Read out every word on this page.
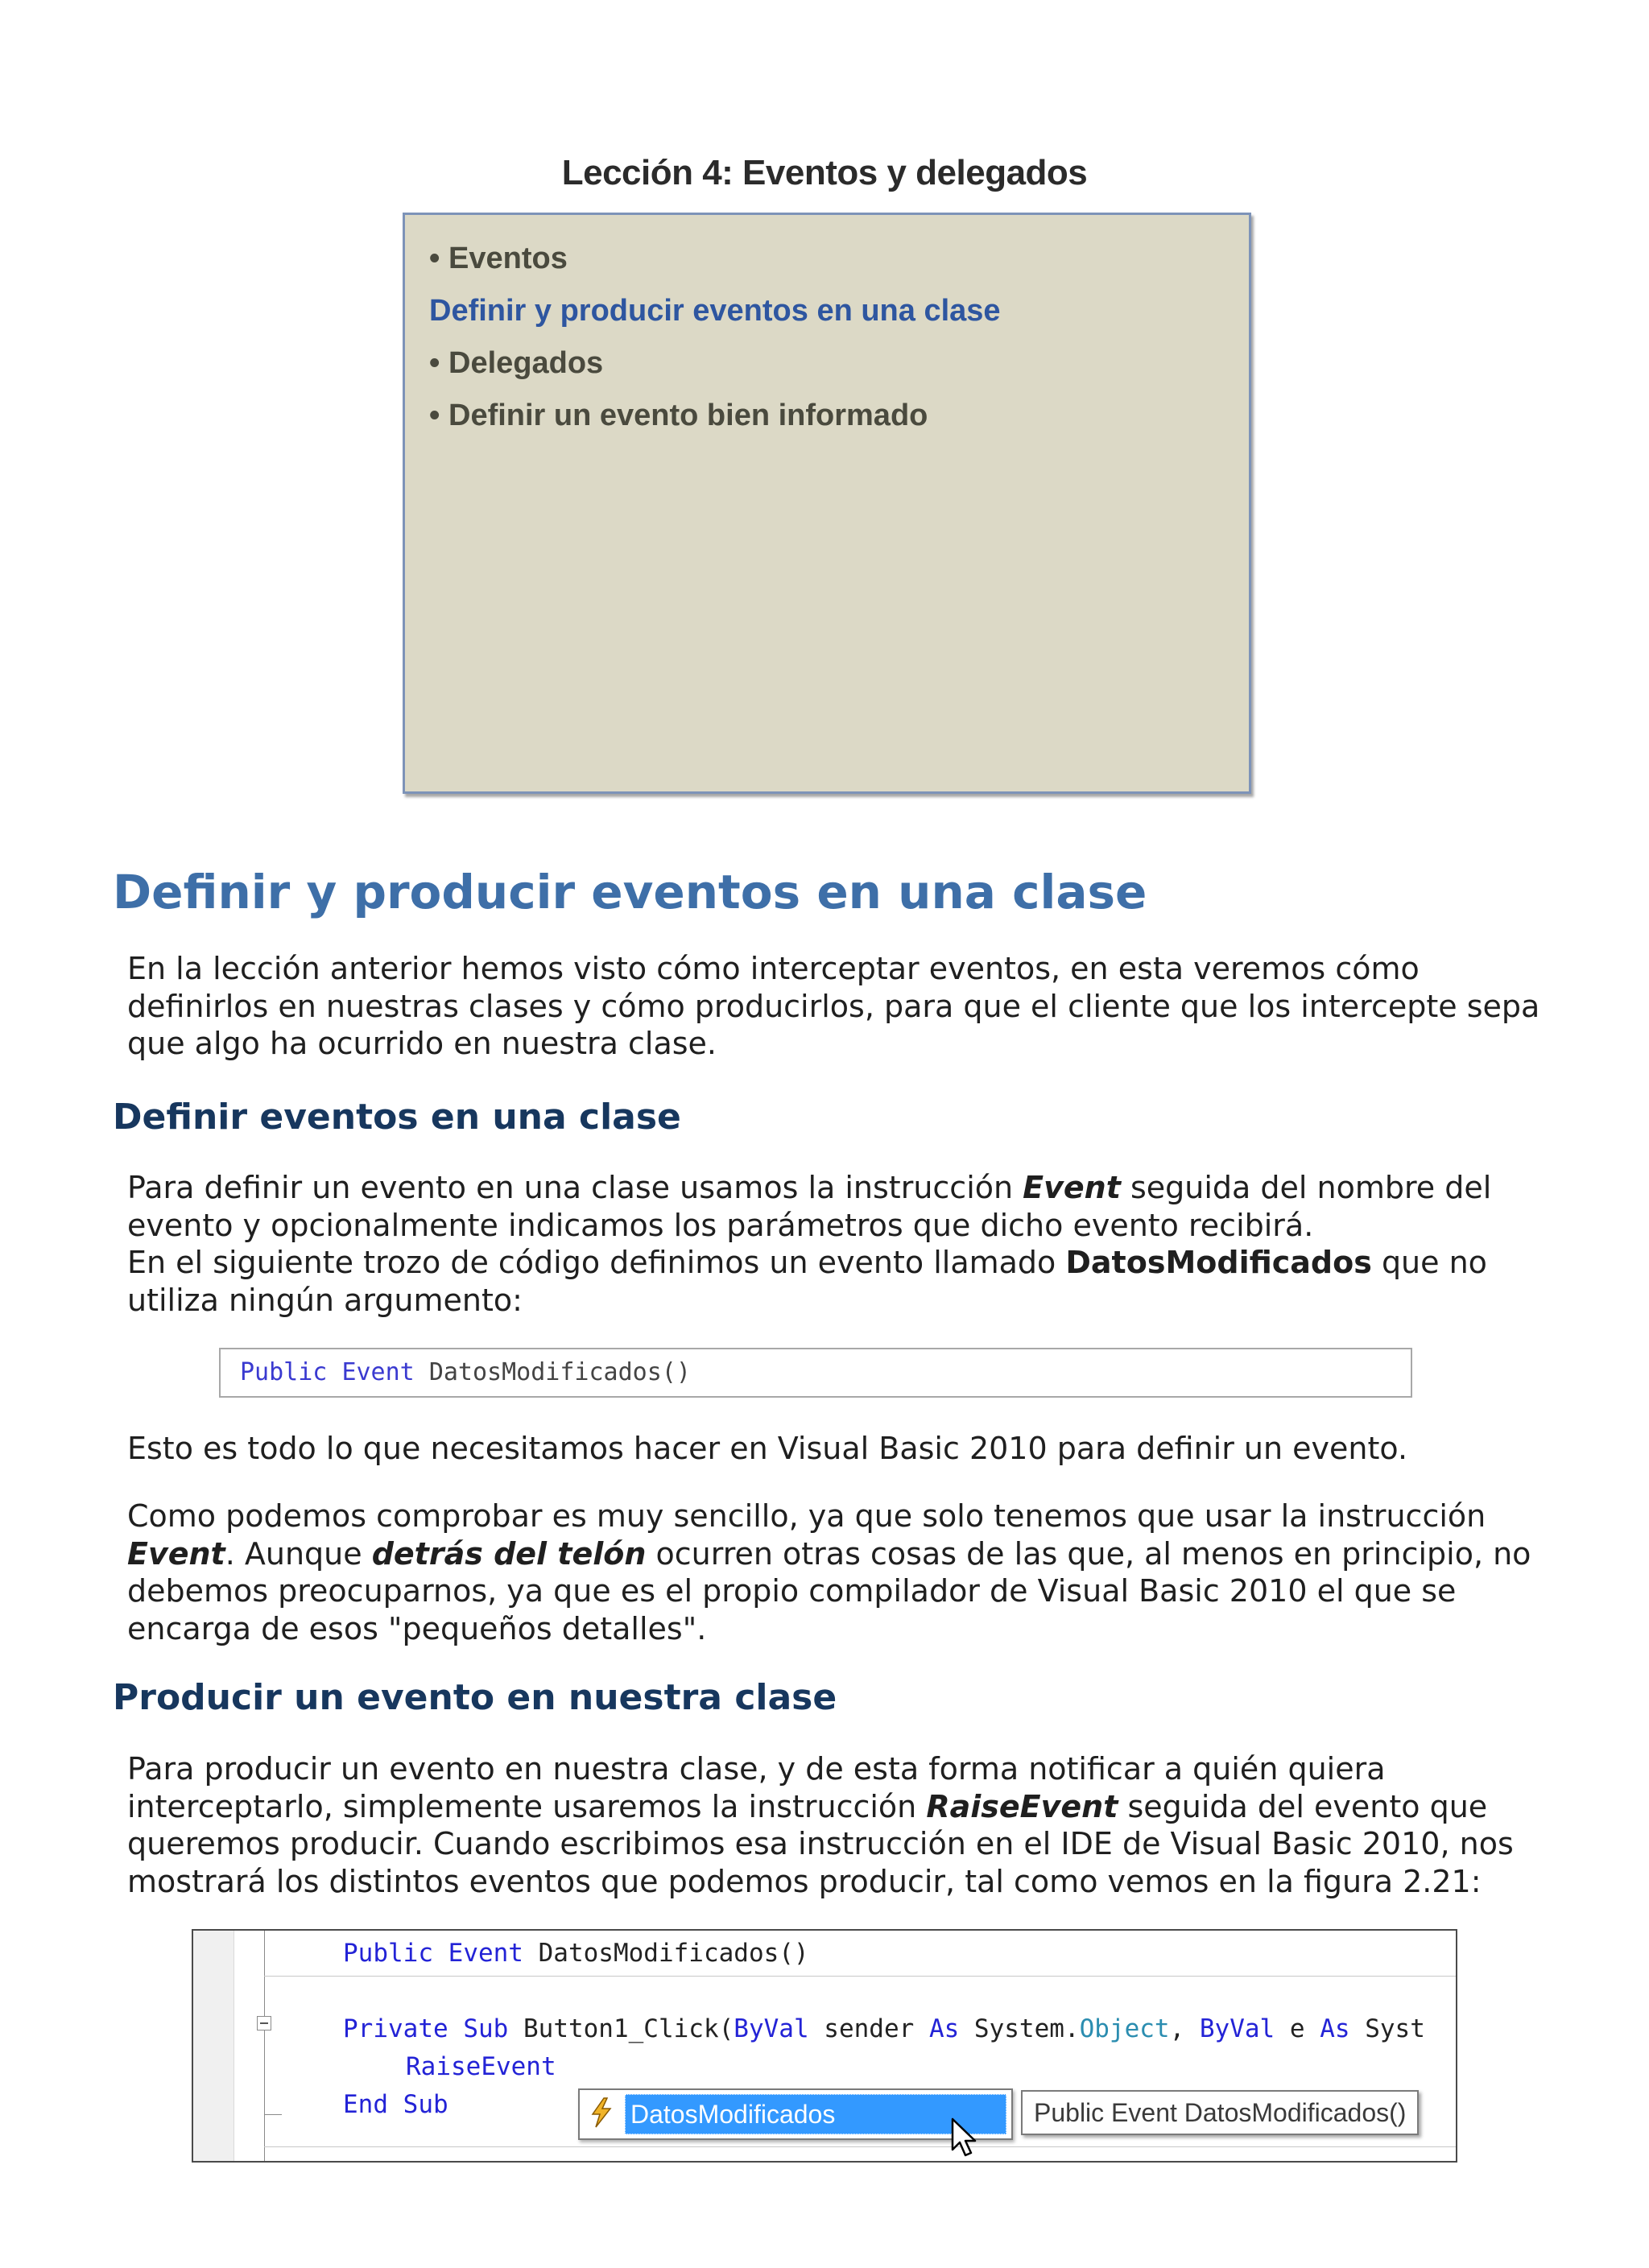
Lección 4: Eventos y delegados
• Eventos
Definir y producir eventos en una clase
• Delegados
• Definir un evento bien informado
Definir y producir eventos en una clase

En la lección anterior hemos visto cómo interceptar eventos, en esta veremos cómo
definirlos en nuestras clases y cómo producirlos, para que el cliente que los intercepte sepa
que algo ha ocurrido en nuestra clase.

Definir eventos en una clase

Para definir un evento en una clase usamos la instrucción Event seguida del nombre del
evento y opcionalmente indicamos los parámetros que dicho evento recibirá.
En el siguiente trozo de código definimos un evento llamado DatosModificados que no
utiliza ningún argumento:

Public Event DatosModificados()

Esto es todo lo que necesitamos hacer en Visual Basic 2010 para definir un evento.

Como podemos comprobar es muy sencillo, ya que solo tenemos que usar la instrucción
Event. Aunque detrás del telón ocurren otras cosas de las que, al menos en principio, no
debemos preocuparnos, ya que es el propio compilador de Visual Basic 2010 el que se
encarga de esos "pequeños detalles".

Producir un evento en nuestra clase

Para producir un evento en nuestra clase, y de esta forma notificar a quién quiera
interceptarlo, simplemente usaremos la instrucción RaiseEvent seguida del evento que
queremos producir. Cuando escribimos esa instrucción en el IDE de Visual Basic 2010, nos
mostrará los distintos eventos que podemos producir, tal como vemos en la figura 2.21:

Public Event DatosModificados()
Private Sub Button1_Click(ByVal sender As System.Object, ByVal e As Syst
RaiseEvent
End Sub	DatosModificados	Public Event DatosModificados()
